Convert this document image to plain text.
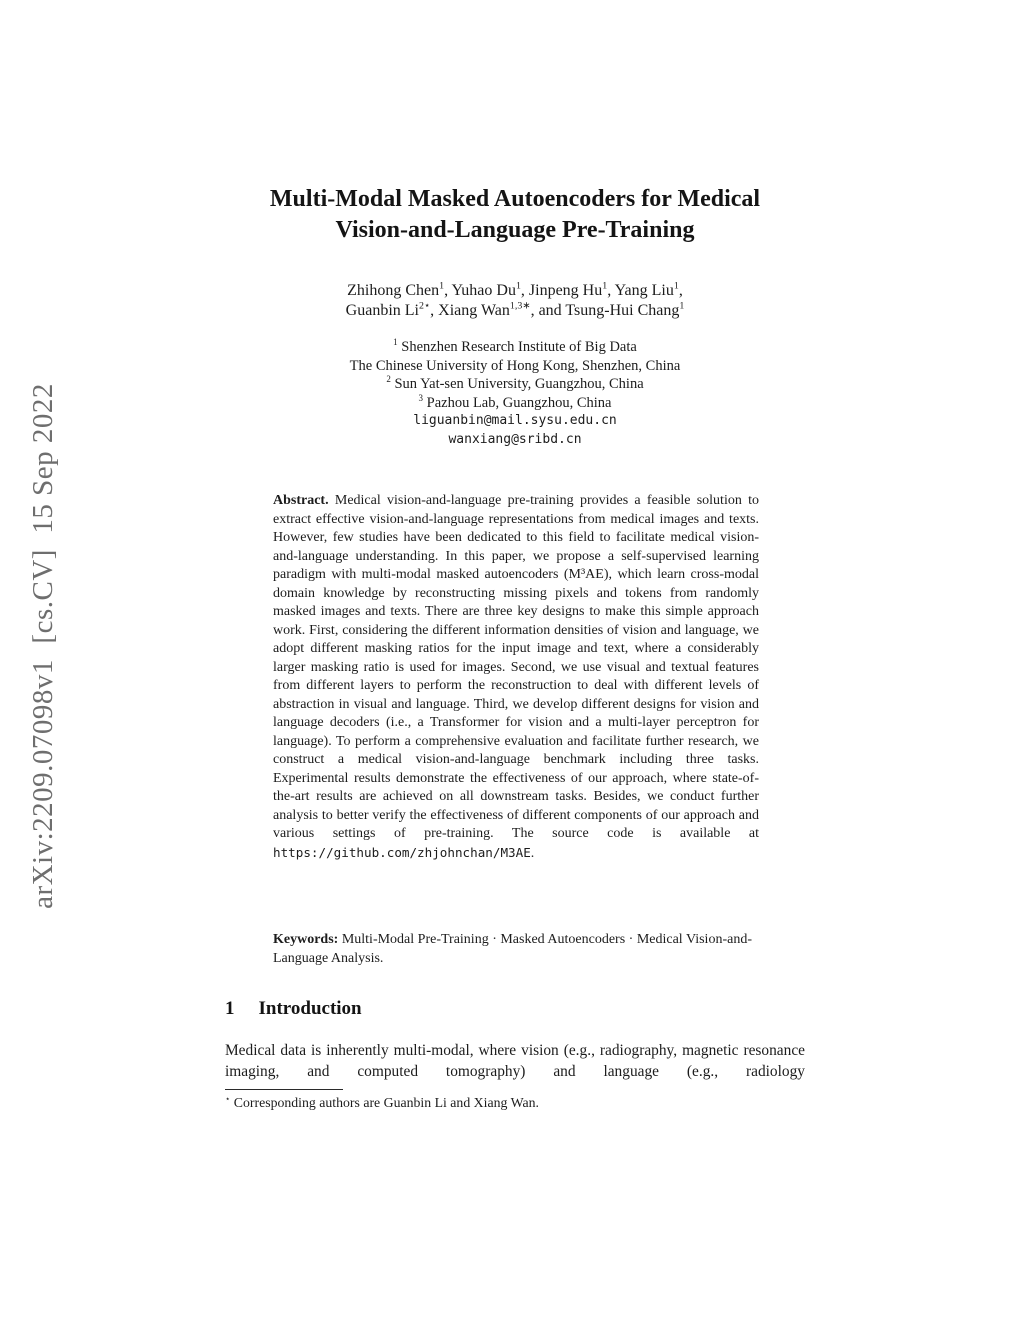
arXiv:2209.07098v1  [cs.CV]  15 Sep 2022
Multi-Modal Masked Autoencoders for Medical
Vision-and-Language Pre-Training
Zhihong Chen$^1$, Yuhao Du$^1$, Jinpeng Hu$^1$, Yang Liu$^1$,
Guanbin $Li^{2⋆}$, Xiang Wan$^{1,3∗}$, and Tsung-Hui Chang$^1$
$^1$ Shenzhen Research Institute of Big Data
The Chinese University of Hong Kong, Shenzhen, China
$^2$ Sun Yat-sen University, Guangzhou, China
$^3$ Pazhou Lab, Guangzhou, China
liguanbin@mail.sysu.edu.cn
wanxiang@sribd.cn

Abstract. Medical vision-and-language pre-training provides a feasible solution to extract effective vision-and-language representations from medical images and texts. However, few studies have been dedicated to this field to facilitate medical vision-and-language understanding. In this paper, we propose a self-supervised learning paradigm with multi-modal masked autoencoders (M³AE), which learn cross-modal domain knowledge by reconstructing missing pixels and tokens from randomly masked images and texts. There are three key designs to make this simple approach work. First, considering the different information densities of vision and language, we adopt different masking ratios for the input image and text, where a considerably larger masking ratio is used for images. Second, we use visual and textual features from different layers to perform the reconstruction to deal with different levels of abstraction in visual and language. Third, we develop different designs for vision and language decoders (i.e., a Transformer for vision and a multi-layer perceptron for language). To perform a comprehensive evaluation and facilitate further research, we construct a medical vision-and-language benchmark including three tasks. Experimental results demonstrate the effectiveness of our approach, where state-of-the-art results are achieved on all downstream tasks. Besides, we conduct further analysis to better verify the effectiveness of different components of our approach and various settings of pre-training. The source code is available at https://github.com/zhjohnchan/M3AE.

Keywords: Multi-Modal Pre-Training · Masked Autoencoders · Medical Vision-and-Language Analysis.

1 Introduction

Medical data is inherently multi-modal, where vision (e.g., radiography, magnetic resonance imaging, and computed tomography) and language (e.g., radiology

⋆ Corresponding authors are Guanbin Li and Xiang Wan.
